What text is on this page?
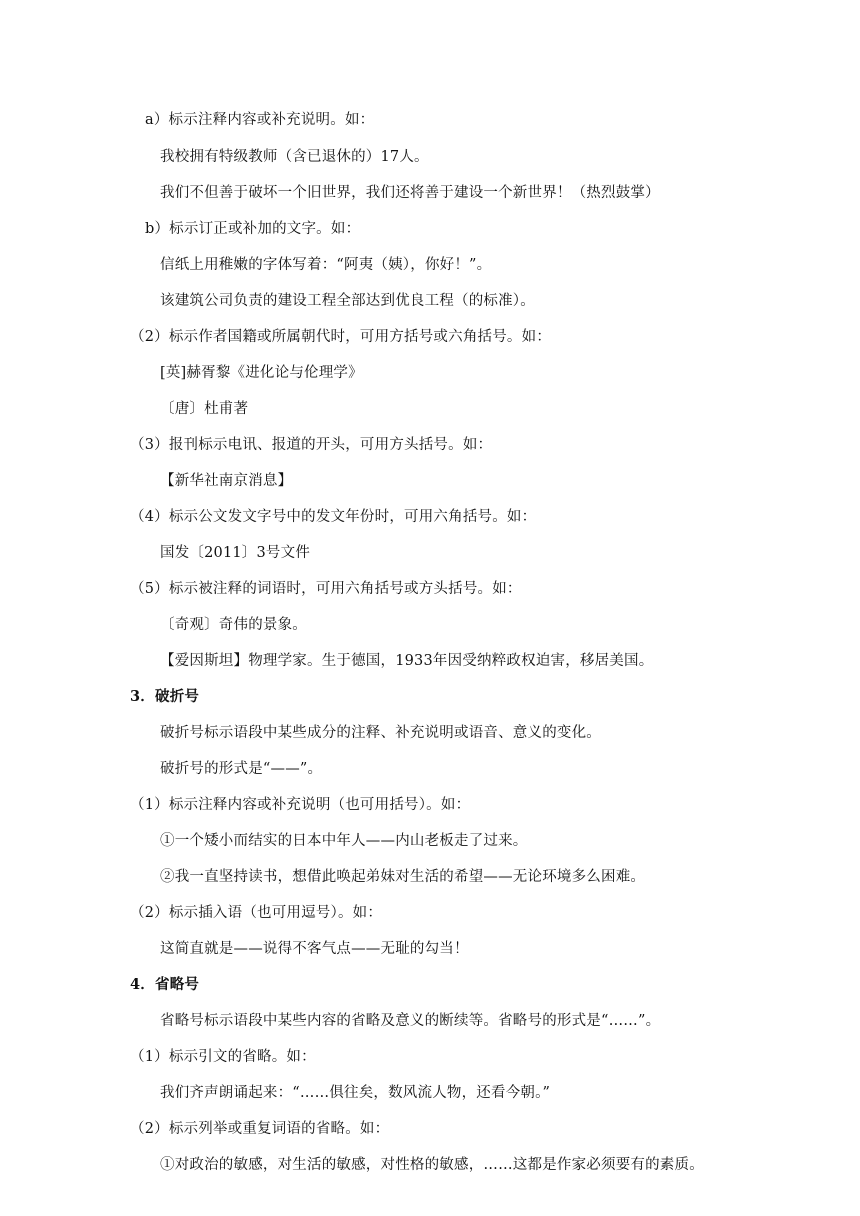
a）标示注释内容或补充说明。如：
我校拥有特级教师（含已退休的）17人。
我们不但善于破坏一个旧世界，我们还将善于建设一个新世界！（热烈鼓掌）
b）标示订正或补加的文字。如：
信纸上用稚嫩的字体写着：“阿夷（姨），你好！”。
该建筑公司负责的建设工程全部达到优良工程（的标准）。
（2）标示作者国籍或所属朝代时，可用方括号或六角括号。如：
[英]赫胥黎《进化论与伦理学》
〔唐〕杜甫著
（3）报刊标示电讯、报道的开头，可用方头括号。如：
【新华社南京消息】
（4）标示公文发文字号中的发文年份时，可用六角括号。如：
国发〔2011〕3号文件
（5）标示被注释的词语时，可用六角括号或方头括号。如：
〔奇观〕奇伟的景象。
【爱因斯坦】物理学家。生于德国，1933年因受纳粹政权迫害，移居美国。
3．破折号
破折号标示语段中某些成分的注释、补充说明或语音、意义的变化。
破折号的形式是“——”。
（1）标示注释内容或补充说明（也可用括号）。如：
①一个矮小而结实的日本中年人——内山老板走了过来。
②我一直坚持读书，想借此唤起弟妹对生活的希望——无论环境多么困难。
（2）标示插入语（也可用逗号）。如：
这简直就是——说得不客气点——无耻的勾当！
4．省略号
省略号标示语段中某些内容的省略及意义的断续等。省略号的形式是“……”。
（1）标示引文的省略。如：
我们齐声朗诵起来：“……俱往矣，数风流人物，还看今朝。”
（2）标示列举或重复词语的省略。如：
①对政治的敏感，对生活的敏感，对性格的敏感，……这都是作家必须要有的素质。
